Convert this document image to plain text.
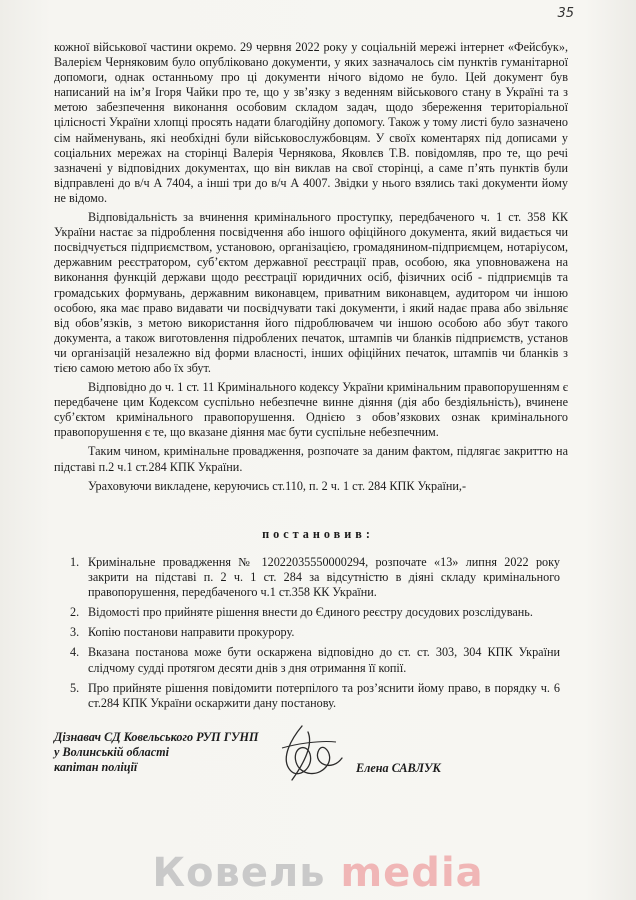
35

кожної військової частини окремо. 29 червня 2022 року у соціальній мережі інтернет «Фейсбук», Валерієм Черняковим було опубліковано документи, у яких зазначалось сім пунктів гуманітарної допомоги, однак останньому про ці документи нічого відомо не було. Цей документ був написаний на ім’я Ігоря Чайки про те, що у зв’язку з веденням військового стану в Україні та з метою забезпечення виконання особовим складом задач, щодо збереження територіальної цілісності України хлопці просять надати благодійну допомогу. Також у тому листі було зазначено сім найменувань, які необхідні були військовослужбовцям. У своїх коментарях під дописами у соціальних мережах на сторінці Валерія Чернякова, Яковлєв Т.В. повідомляв, про те, що речі зазначені у відповідних документах, що він виклав на свої сторінці, а саме п’ять пунктів були відправлені до в/ч А 7404, а інші три до в/ч А 4007. Звідки у нього взялись такі документи йому не відомо.

Відповідальність за вчинення кримінального проступку, передбаченого ч. 1 ст. 358 КК України настає за підроблення посвідчення або іншого офіційного документа, який видається чи посвідчується підприємством, установою, організацією, громадянином-підприємцем, нотаріусом, державним реєстратором, суб’єктом державної реєстрації прав, особою, яка уповноважена на виконання функцій держави щодо реєстрації юридичних осіб, фізичних осіб - підприємців та громадських формувань, державним виконавцем, приватним виконавцем, аудитором чи іншою особою, яка має право видавати чи посвідчувати такі документи, і який надає права або звільняє від обов’язків, з метою використання його підроблювачем чи іншою особою або збут такого документа, а також виготовлення підроблених печаток, штампів чи бланків підприємств, установ чи організацій незалежно від форми власності, інших офіційних печаток, штампів чи бланків з тією самою метою або їх збут.

Відповідно до ч. 1 ст. 11 Кримінального кодексу України кримінальним правопорушенням є передбачене цим Кодексом суспільно небезпечне винне діяння (дія або бездіяльність), вчинене суб’єктом кримінального правопорушення. Однією з обов’язкових ознак кримінального правопорушення є те, що вказане діяння має бути суспільне небезпечним.

Таким чином, кримінальне провадження, розпочате за даним фактом, підлягає закриттю на підставі п.2 ч.1 ст.284 КПК України.

Ураховуючи викладене, керуючись ст.110, п. 2 ч. 1 ст. 284 КПК України,-

постановив:
1. Кримінальне провадження № 12022035550000294, розпочате «13» липня 2022 року закрити на підставі п. 2 ч. 1 ст. 284 за відсутністю в діяні складу кримінального правопорушення, передбаченого ч.1 ст.358 КК України.
2. Відомості про прийняте рішення внести до Єдиного реєстру досудових розслідувань.
3. Копію постанови направити прокурору.
4. Вказана постанова може бути оскаржена відповідно до ст. ст. 303, 304 КПК України слідчому судді протягом десяти днів з дня отримання її копії.
5. Про прийняте рішення повідомити потерпілого та роз’яснити йому право, в порядку ч. 6 ст.284 КПК України оскаржити дану постанову.
Дізнавач СД Ковельського РУП ГУНП
у Волинській області
капітан поліції	Елена САВЛУК
Ковель media
